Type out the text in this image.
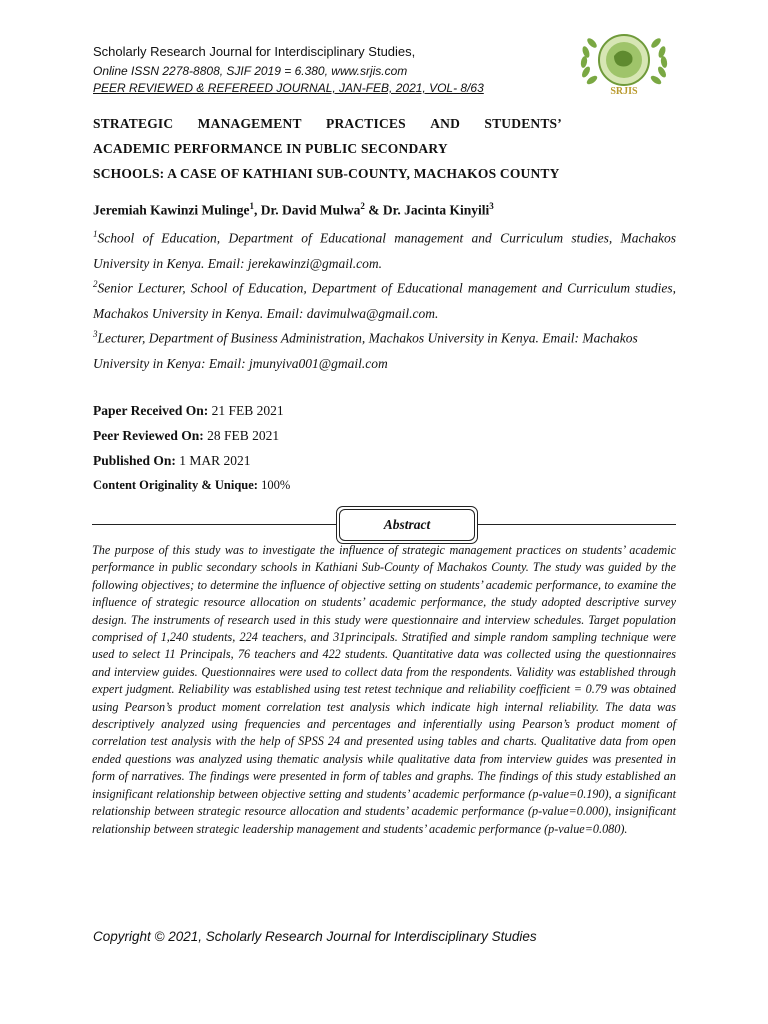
Scholarly Research Journal for Interdisciplinary Studies,
Online ISSN 2278-8808, SJIF 2019 = 6.380, www.srjis.com
PEER REVIEWED & REFEREED JOURNAL, JAN-FEB, 2021, VOL- 8/63	SRJIS
STRATEGIC MANAGEMENT PRACTICES AND STUDENTS’
ACADEMIC PERFORMANCE IN PUBLIC SECONDARY
SCHOOLS: A CASE OF KATHIANI SUB-COUNTY, MACHAKOS COUNTY
Jeremiah Kawinzi Mulinge$^1$, Dr. David Mulwa$^2$ & Dr. Jacinta Kinyili$^3$
$^1$School of Education, Department of Educational management and Curriculum studies, Machakos University in Kenya. Email: jerekawinzi@gmail.com.
$^2$Senior Lecturer, School of Education, Department of Educational management and Curriculum studies, Machakos University in Kenya. Email: davimulwa@gmail.com.
$^3$Lecturer, Department of Business Administration, Machakos University in Kenya. Email: Machakos University in Kenya: Email: jmunyiva001@gmail.com
Paper Received On: 21 FEB 2021
Peer Reviewed On: 28 FEB 2021
Published On: 1 MAR 2021
Content Originality & Unique: 100%
Abstract
The purpose of this study was to investigate the influence of strategic management practices on students’ academic performance in public secondary schools in Kathiani Sub-County of Machakos County. The study was guided by the following objectives; to determine the influence of objective setting on students’ academic performance, to examine the influence of strategic resource allocation on students’ academic performance, the study adopted descriptive survey design. The instruments of research used in this study were questionnaire and interview schedules. Target population comprised of 1,240 students, 224 teachers, and 31principals. Stratified and simple random sampling technique were used to select 11 Principals, 76 teachers and 422 students. Quantitative data was collected using the questionnaires and interview guides. Questionnaires were used to collect data from the respondents. Validity was established through expert judgment. Reliability was established using test retest technique and reliability coefficient = 0.79 was obtained using Pearson’s product moment correlation test analysis which indicate high internal reliability. The data was descriptively analyzed using frequencies and percentages and inferentially using Pearson’s product moment of correlation test analysis with the help of SPSS 24 and presented using tables and charts. Qualitative data from open ended questions was analyzed using thematic analysis while qualitative data from interview guides was presented in form of narratives. The findings were presented in form of tables and graphs. The findings of this study established an insignificant relationship between objective setting and students’ academic performance (p-value=0.190), a significant relationship between strategic resource allocation and students’ academic performance (p-value=0.000), insignificant relationship between strategic leadership management and students’ academic performance (p-value=0.080).
Copyright © 2021, Scholarly Research Journal for Interdisciplinary Studies
